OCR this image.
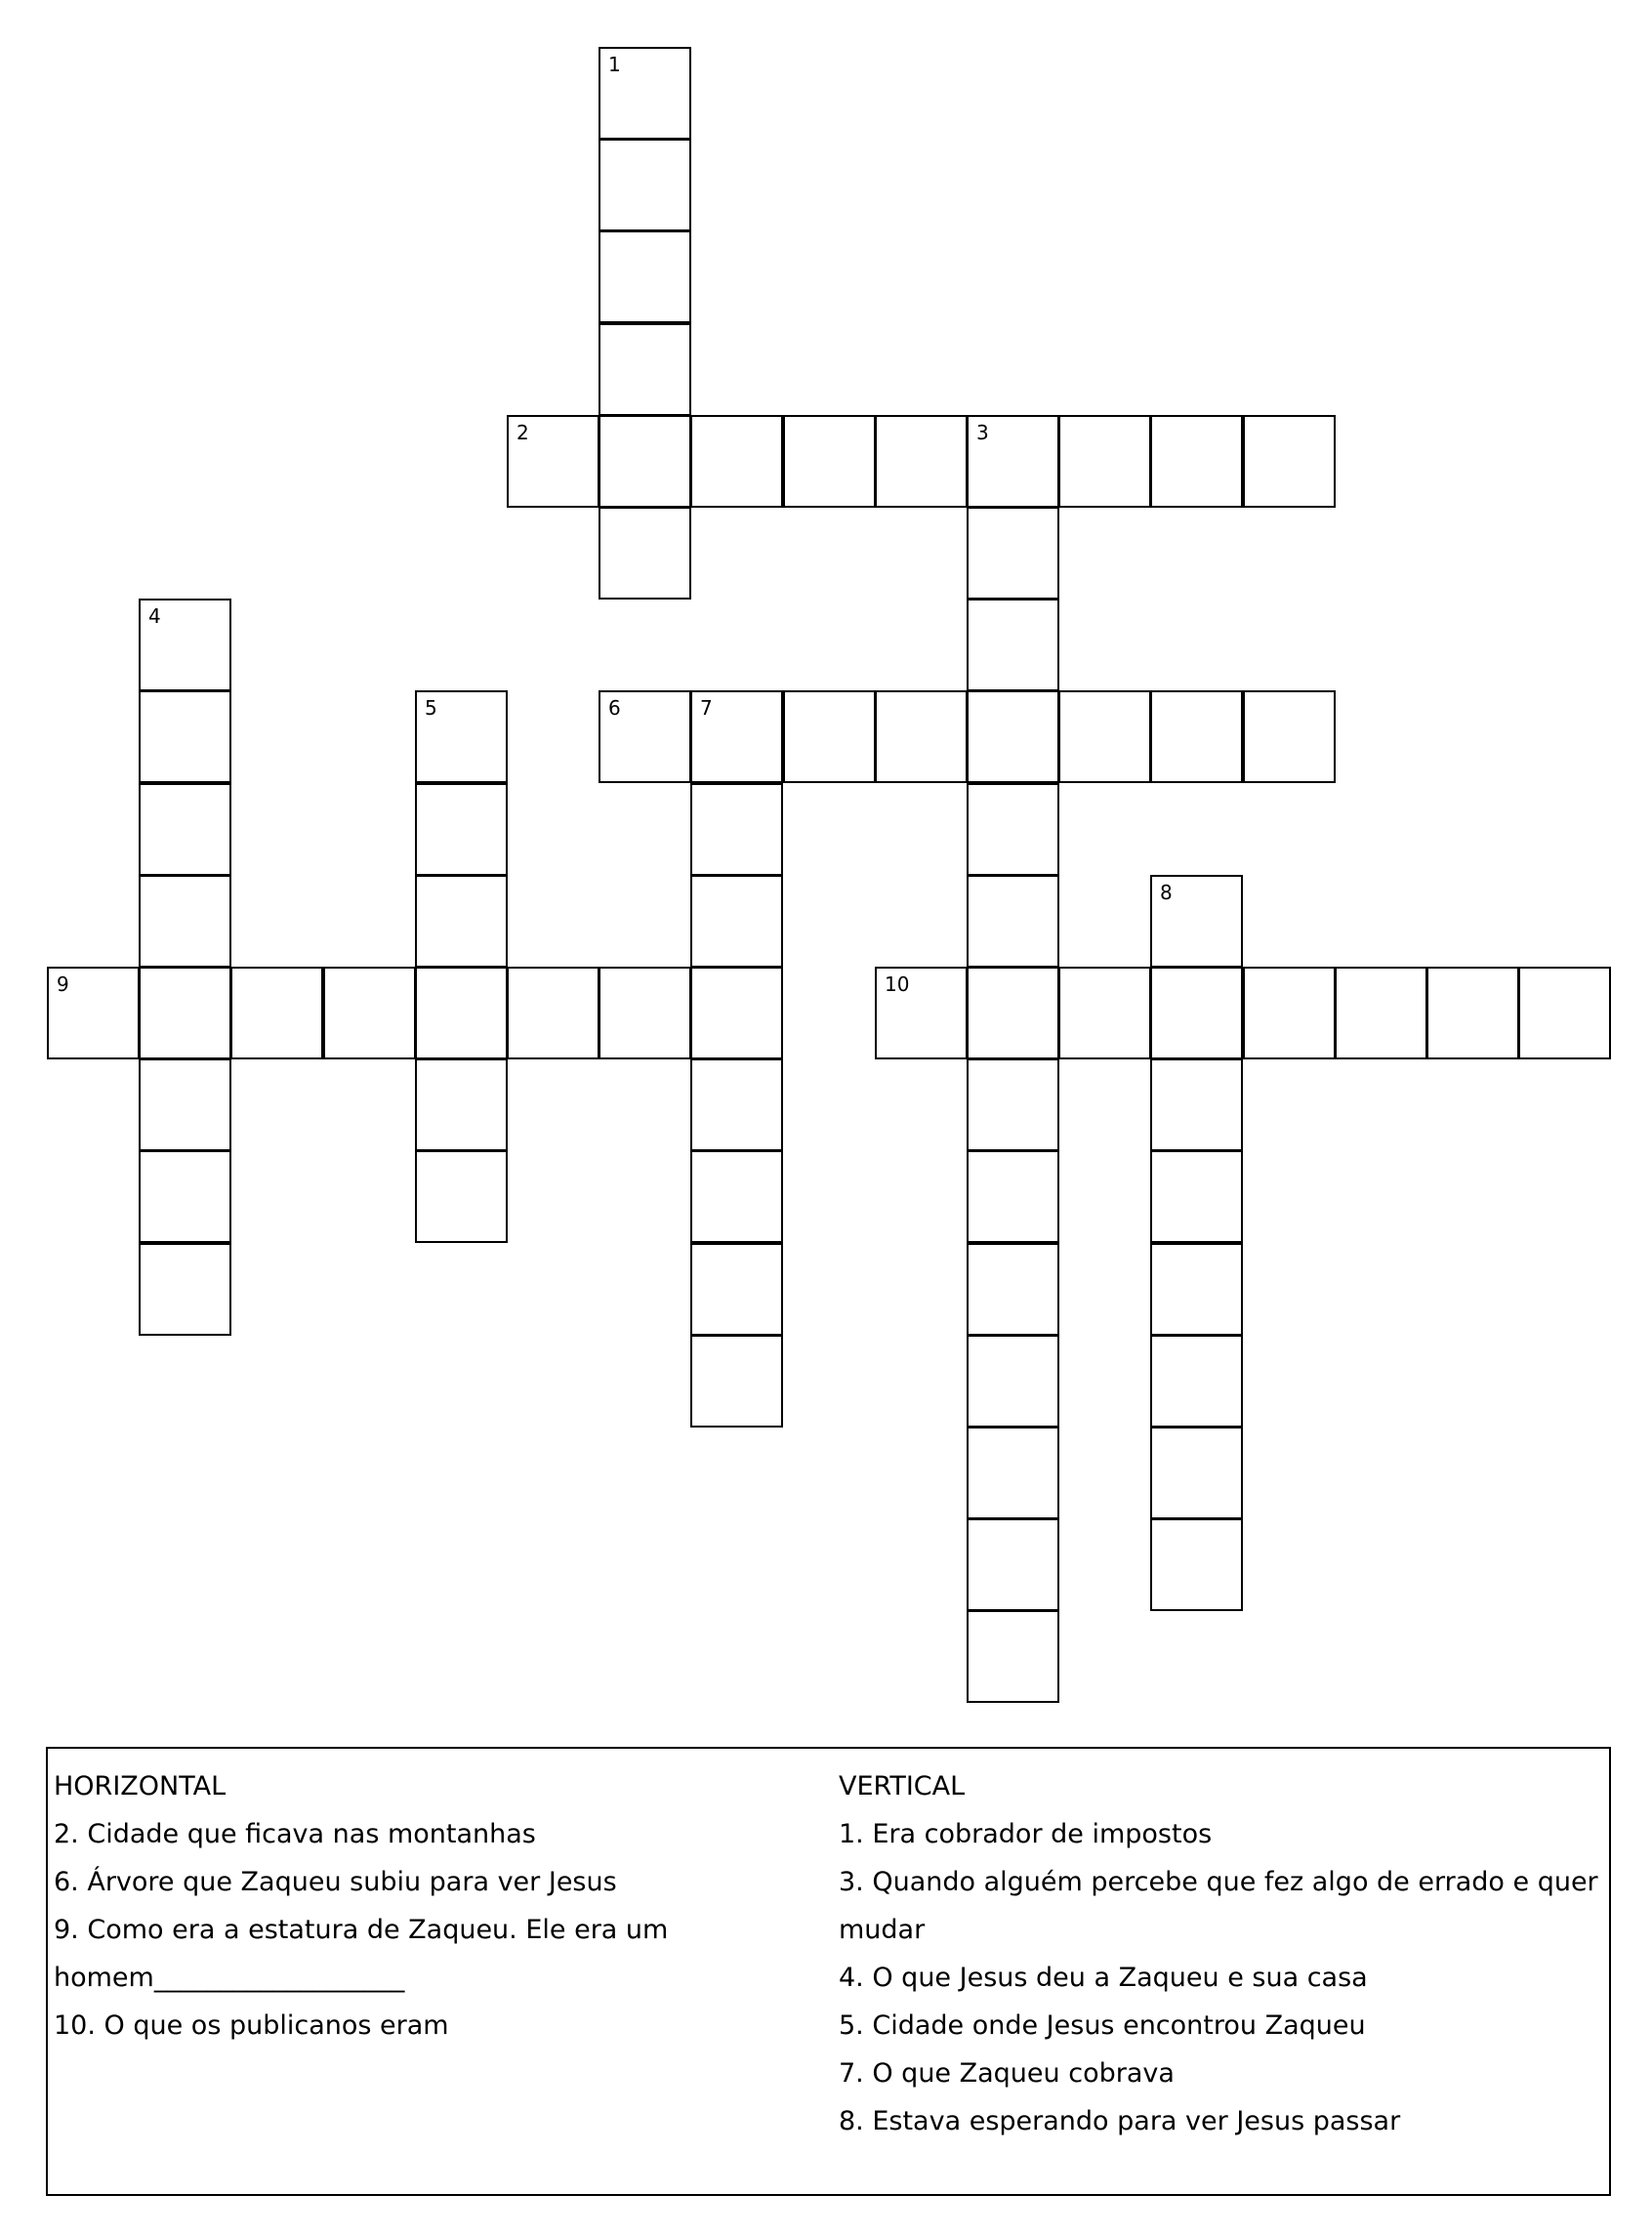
1
2	3
4
5	6	7
8
9	10
HORIZONTAL
2. Cidade que ficava nas montanhas
6. Árvore que Zaqueu subiu para ver Jesus
9. Como era a estatura de Zaqueu. Ele era um
homem___________________
10. O que os publicanos eram
VERTICAL
1. Era cobrador de impostos
3. Quando alguém percebe que fez algo de errado e quer
mudar
4. O que Jesus deu a Zaqueu e sua casa
5. Cidade onde Jesus encontrou Zaqueu
7. O que Zaqueu cobrava
8. Estava esperando para ver Jesus passar
